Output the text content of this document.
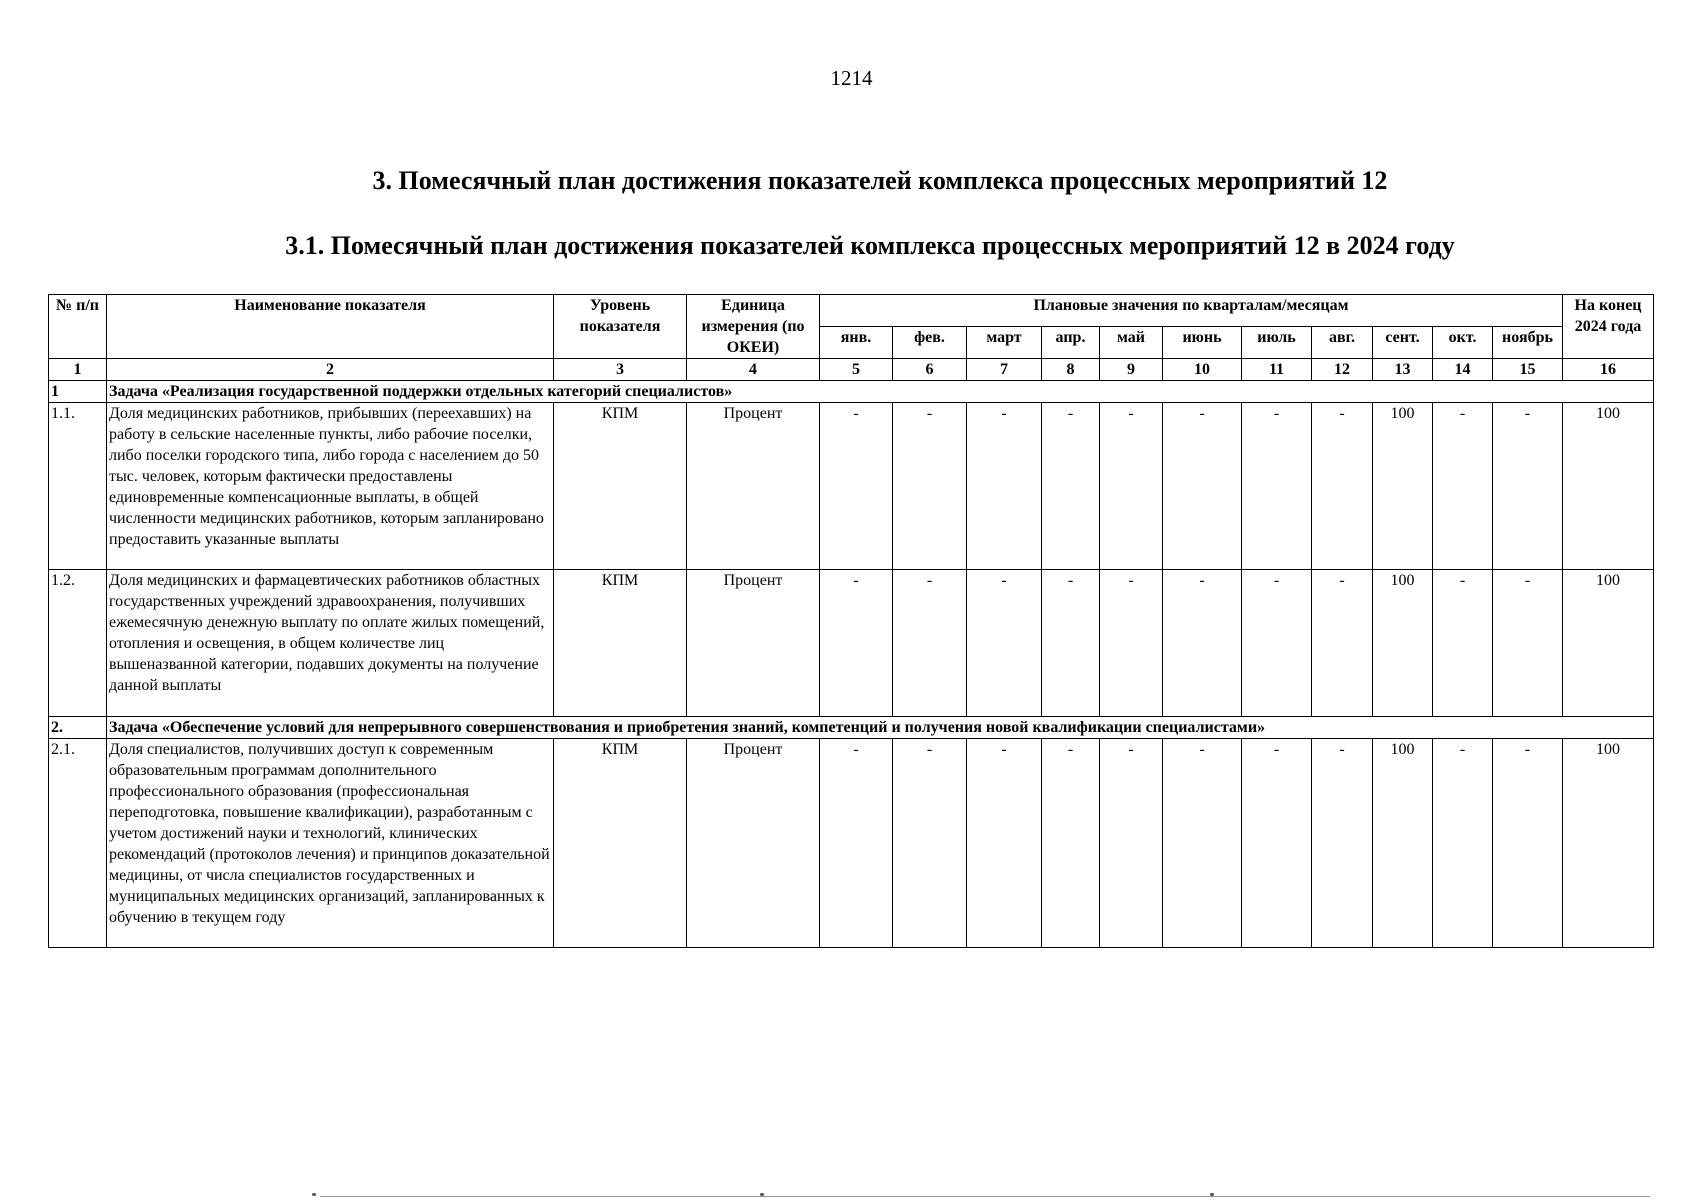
1214
3. Помесячный план достижения показателей комплекса процессных мероприятий 12
3.1. Помесячный план достижения показателей комплекса процессных мероприятий 12 в 2024 году
№ п/п	Наименование показателя	Уровень показателя	Единица измерения (по ОКЕИ)	Плановые значения по кварталам/месяцам											На конец 2024 года
				янв.	фев.	март	апр.	май	июнь	июль	авг.	сент.	окт.	ноябрь	
1	2	3	4	5	6	7	8	9	10	11	12	13	14	15	16
1	Задача «Реализация государственной поддержки отдельных категорий специалистов»														
1.1.	Доля медицинских работников, прибывших (переехавших) на работу в сельские населенные пункты, либо рабочие поселки, либо поселки городского типа, либо города с населением до 50 тыс. человек, которым фактически предоставлены единовременные компенсационные выплаты, в общей численности медицинских работников, которым запланировано предоставить указанные выплаты	КПМ	Процент	-	-	-	-	-	-	-	-	100	-	-	100
1.2.	Доля медицинских и фармацевтических работников областных государственных учреждений здравоохранения, получивших ежемесячную денежную выплату по оплате жилых помещений, отопления и освещения, в общем количестве лиц вышеназванной категории, подавших документы на получение данной выплаты	КПМ	Процент	-	-	-	-	-	-	-	-	100	-	-	100
2.	Задача «Обеспечение условий для непрерывного совершенствования и приобретения знаний, компетенций и получения новой квалификации специалистами»														
2.1.	Доля специалистов, получивших доступ к современным образовательным программам дополнительного профессионального образования (профессиональная переподготовка, повышение квалификации), разработанным с учетом достижений науки и технологий, клинических рекомендаций (протоколов лечения) и принципов доказательной медицины, от числа специалистов государственных и муниципальных медицинских организаций, запланированных к обучению в текущем году	КПМ	Процент	-	-	-	-	-	-	-	-	100	-	-	100
